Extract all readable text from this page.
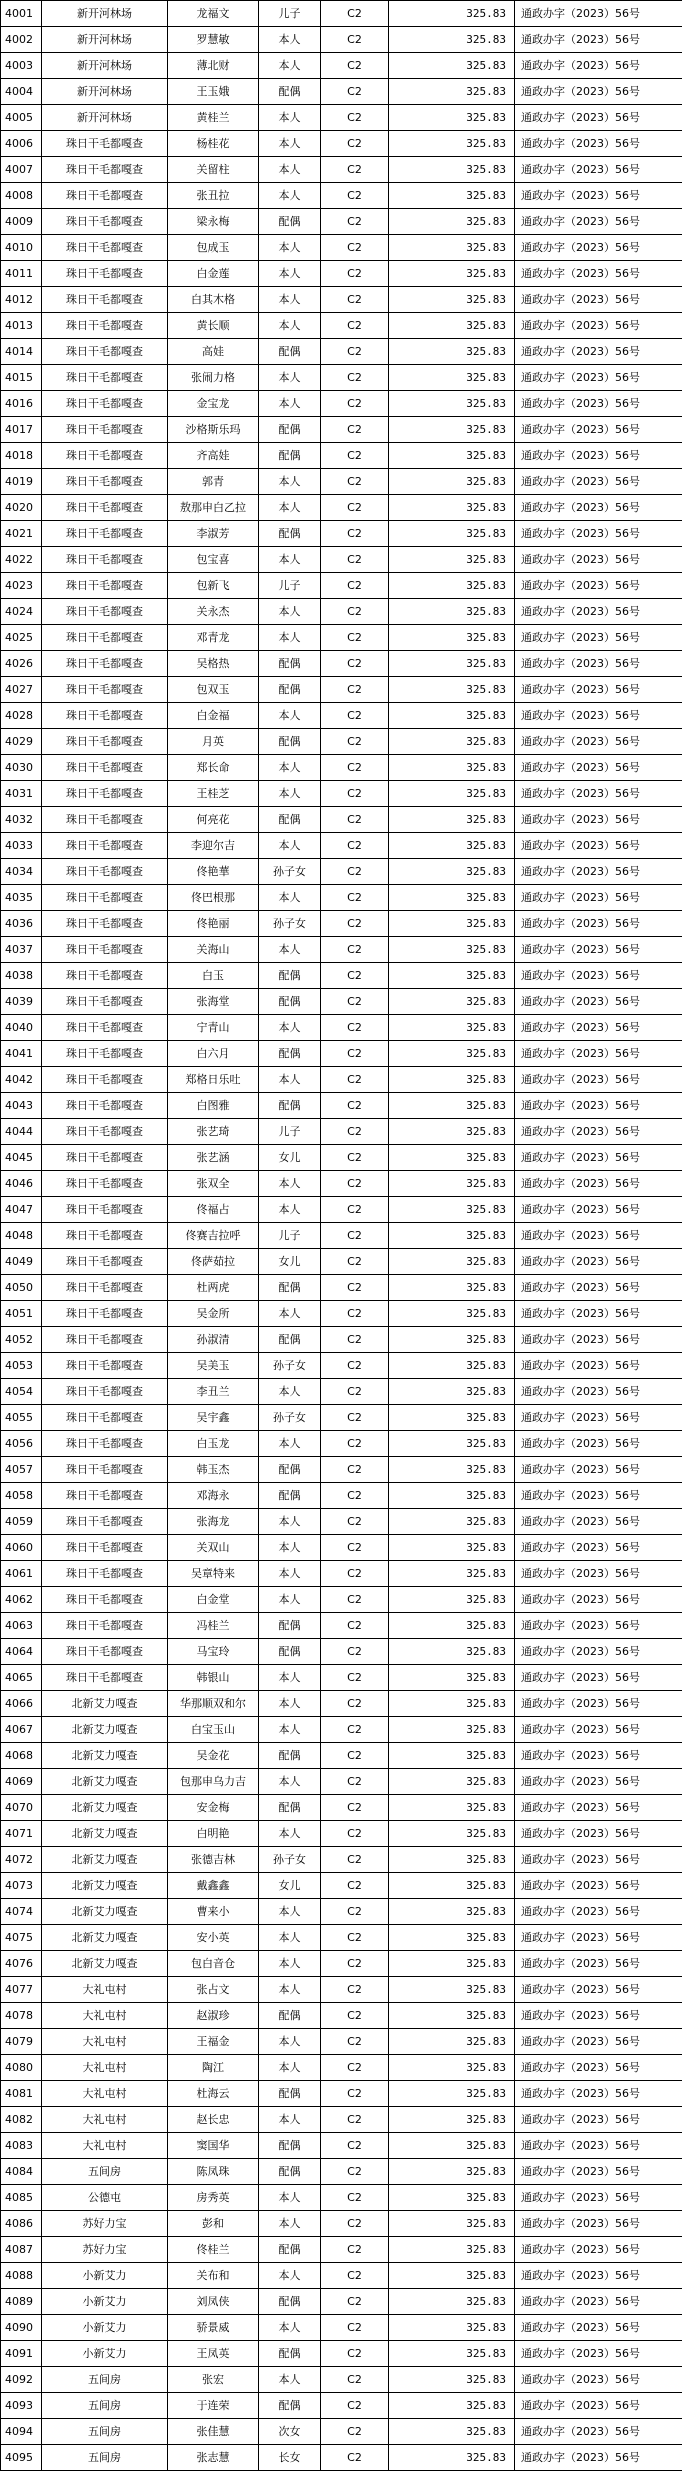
4001	新开河林场	龙福文	儿子	C2	325.83	通政办字（2023）56号
4002	新开河林场	罗慧敏	本人	C2	325.83	通政办字（2023）56号
4003	新开河林场	薄北财	本人	C2	325.83	通政办字（2023）56号
4004	新开河林场	王玉娥	配偶	C2	325.83	通政办字（2023）56号
4005	新开河林场	黄桂兰	本人	C2	325.83	通政办字（2023）56号
4006	珠日干毛都嘎查	杨桂花	本人	C2	325.83	通政办字（2023）56号
4007	珠日干毛都嘎查	关留柱	本人	C2	325.83	通政办字（2023）56号
4008	珠日干毛都嘎查	张丑拉	本人	C2	325.83	通政办字（2023）56号
4009	珠日干毛都嘎查	梁永梅	配偶	C2	325.83	通政办字（2023）56号
4010	珠日干毛都嘎查	包成玉	本人	C2	325.83	通政办字（2023）56号
4011	珠日干毛都嘎查	白金莲	本人	C2	325.83	通政办字（2023）56号
4012	珠日干毛都嘎查	白其木格	本人	C2	325.83	通政办字（2023）56号
4013	珠日干毛都嘎查	黄长顺	本人	C2	325.83	通政办字（2023）56号
4014	珠日干毛都嘎查	高娃	配偶	C2	325.83	通政办字（2023）56号
4015	珠日干毛都嘎查	张闹力格	本人	C2	325.83	通政办字（2023）56号
4016	珠日干毛都嘎查	金宝龙	本人	C2	325.83	通政办字（2023）56号
4017	珠日干毛都嘎查	沙格斯乐玛	配偶	C2	325.83	通政办字（2023）56号
4018	珠日干毛都嘎查	齐高娃	配偶	C2	325.83	通政办字（2023）56号
4019	珠日干毛都嘎查	郭青	本人	C2	325.83	通政办字（2023）56号
4020	珠日干毛都嘎查	敖那申白乙拉	本人	C2	325.83	通政办字（2023）56号
4021	珠日干毛都嘎查	李淑芳	配偶	C2	325.83	通政办字（2023）56号
4022	珠日干毛都嘎查	包宝喜	本人	C2	325.83	通政办字（2023）56号
4023	珠日干毛都嘎查	包新飞	儿子	C2	325.83	通政办字（2023）56号
4024	珠日干毛都嘎查	关永杰	本人	C2	325.83	通政办字（2023）56号
4025	珠日干毛都嘎查	邓青龙	本人	C2	325.83	通政办字（2023）56号
4026	珠日干毛都嘎查	吴格热	配偶	C2	325.83	通政办字（2023）56号
4027	珠日干毛都嘎查	包双玉	配偶	C2	325.83	通政办字（2023）56号
4028	珠日干毛都嘎查	白金福	本人	C2	325.83	通政办字（2023）56号
4029	珠日干毛都嘎查	月英	配偶	C2	325.83	通政办字（2023）56号
4030	珠日干毛都嘎查	郑长命	本人	C2	325.83	通政办字（2023）56号
4031	珠日干毛都嘎查	王桂芝	本人	C2	325.83	通政办字（2023）56号
4032	珠日干毛都嘎查	何亮花	配偶	C2	325.83	通政办字（2023）56号
4033	珠日干毛都嘎查	李迎尔吉	本人	C2	325.83	通政办字（2023）56号
4034	珠日干毛都嘎查	佟艳華	孙子女	C2	325.83	通政办字（2023）56号
4035	珠日干毛都嘎查	佟巴根那	本人	C2	325.83	通政办字（2023）56号
4036	珠日干毛都嘎查	佟艳丽	孙子女	C2	325.83	通政办字（2023）56号
4037	珠日干毛都嘎查	关海山	本人	C2	325.83	通政办字（2023）56号
4038	珠日干毛都嘎查	白玉	配偶	C2	325.83	通政办字（2023）56号
4039	珠日干毛都嘎查	张海堂	配偶	C2	325.83	通政办字（2023）56号
4040	珠日干毛都嘎查	宁青山	本人	C2	325.83	通政办字（2023）56号
4041	珠日干毛都嘎查	白六月	配偶	C2	325.83	通政办字（2023）56号
4042	珠日干毛都嘎查	郑格日乐吐	本人	C2	325.83	通政办字（2023）56号
4043	珠日干毛都嘎查	白图雅	配偶	C2	325.83	通政办字（2023）56号
4044	珠日干毛都嘎查	张艺琦	儿子	C2	325.83	通政办字（2023）56号
4045	珠日干毛都嘎查	张艺涵	女儿	C2	325.83	通政办字（2023）56号
4046	珠日干毛都嘎查	张双全	本人	C2	325.83	通政办字（2023）56号
4047	珠日干毛都嘎查	佟福占	本人	C2	325.83	通政办字（2023）56号
4048	珠日干毛都嘎查	佟赛吉拉呼	儿子	C2	325.83	通政办字（2023）56号
4049	珠日干毛都嘎查	佟萨茹拉	女儿	C2	325.83	通政办字（2023）56号
4050	珠日干毛都嘎查	杜两虎	配偶	C2	325.83	通政办字（2023）56号
4051	珠日干毛都嘎查	吴金所	本人	C2	325.83	通政办字（2023）56号
4052	珠日干毛都嘎查	孙淑清	配偶	C2	325.83	通政办字（2023）56号
4053	珠日干毛都嘎查	吴美玉	孙子女	C2	325.83	通政办字（2023）56号
4054	珠日干毛都嘎查	李丑兰	本人	C2	325.83	通政办字（2023）56号
4055	珠日干毛都嘎查	吴宇鑫	孙子女	C2	325.83	通政办字（2023）56号
4056	珠日干毛都嘎查	白玉龙	本人	C2	325.83	通政办字（2023）56号
4057	珠日干毛都嘎查	韩玉杰	配偶	C2	325.83	通政办字（2023）56号
4058	珠日干毛都嘎查	邓海永	配偶	C2	325.83	通政办字（2023）56号
4059	珠日干毛都嘎查	张海龙	本人	C2	325.83	通政办字（2023）56号
4060	珠日干毛都嘎查	关双山	本人	C2	325.83	通政办字（2023）56号
4061	珠日干毛都嘎查	吴章特来	本人	C2	325.83	通政办字（2023）56号
4062	珠日干毛都嘎查	白金堂	本人	C2	325.83	通政办字（2023）56号
4063	珠日干毛都嘎查	冯桂兰	配偶	C2	325.83	通政办字（2023）56号
4064	珠日干毛都嘎查	马宝玲	配偶	C2	325.83	通政办字（2023）56号
4065	珠日干毛都嘎查	韩银山	本人	C2	325.83	通政办字（2023）56号
4066	北新艾力嘎查	华那顺双和尔	本人	C2	325.83	通政办字（2023）56号
4067	北新艾力嘎查	白宝玉山	本人	C2	325.83	通政办字（2023）56号
4068	北新艾力嘎查	吴金花	配偶	C2	325.83	通政办字（2023）56号
4069	北新艾力嘎查	包那申乌力吉	本人	C2	325.83	通政办字（2023）56号
4070	北新艾力嘎查	安金梅	配偶	C2	325.83	通政办字（2023）56号
4071	北新艾力嘎查	白明艳	本人	C2	325.83	通政办字（2023）56号
4072	北新艾力嘎查	张德吉林	孙子女	C2	325.83	通政办字（2023）56号
4073	北新艾力嘎查	戴鑫鑫	女儿	C2	325.83	通政办字（2023）56号
4074	北新艾力嘎查	曹来小	本人	C2	325.83	通政办字（2023）56号
4075	北新艾力嘎查	安小英	本人	C2	325.83	通政办字（2023）56号
4076	北新艾力嘎查	包白音仓	本人	C2	325.83	通政办字（2023）56号
4077	大礼屯村	张占文	本人	C2	325.83	通政办字（2023）56号
4078	大礼屯村	赵淑珍	配偶	C2	325.83	通政办字（2023）56号
4079	大礼屯村	王福金	本人	C2	325.83	通政办字（2023）56号
4080	大礼屯村	陶江	本人	C2	325.83	通政办字（2023）56号
4081	大礼屯村	杜海云	配偶	C2	325.83	通政办字（2023）56号
4082	大礼屯村	赵长忠	本人	C2	325.83	通政办字（2023）56号
4083	大礼屯村	窦国华	配偶	C2	325.83	通政办字（2023）56号
4084	五间房	陈凤珠	配偶	C2	325.83	通政办字（2023）56号
4085	公德屯	房秀英	本人	C2	325.83	通政办字（2023）56号
4086	苏好力宝	彭和	本人	C2	325.83	通政办字（2023）56号
4087	苏好力宝	佟桂兰	配偶	C2	325.83	通政办字（2023）56号
4088	小新艾力	关布和	本人	C2	325.83	通政办字（2023）56号
4089	小新艾力	刘凤侠	配偶	C2	325.83	通政办字（2023）56号
4090	小新艾力	骄景威	本人	C2	325.83	通政办字（2023）56号
4091	小新艾力	王凤英	配偶	C2	325.83	通政办字（2023）56号
4092	五间房	张宏	本人	C2	325.83	通政办字（2023）56号
4093	五间房	于连荣	配偶	C2	325.83	通政办字（2023）56号
4094	五间房	张佳慧	次女	C2	325.83	通政办字（2023）56号
4095	五间房	张志慧	长女	C2	325.83	通政办字（2023）56号
